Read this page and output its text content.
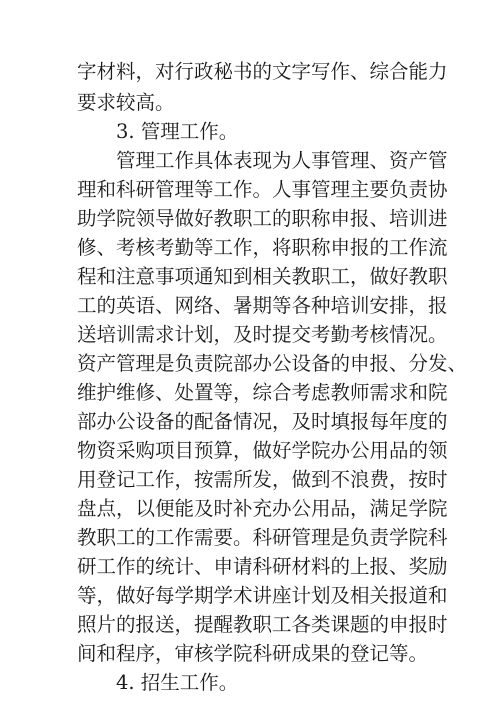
字材料，对行政秘书的文字写作、综合能力
要求较高。
3. 管理工作。
管理工作具体表现为人事管理、资产管
理和科研管理等工作。人事管理主要负责协
助学院领导做好教职工的职称申报、培训进
修、考核考勤等工作，将职称申报的工作流
程和注意事项通知到相关教职工，做好教职
工的英语、网络、暑期等各种培训安排，报
送培训需求计划，及时提交考勤考核情况。
资产管理是负责院部办公设备的申报、分发、
维护维修、处置等，综合考虑教师需求和院
部办公设备的配备情况，及时填报每年度的
物资采购项目预算，做好学院办公用品的领
用登记工作，按需所发，做到不浪费，按时
盘点，以便能及时补充办公用品，满足学院
教职工的工作需要。科研管理是负责学院科
研工作的统计、申请科研材料的上报、奖励
等，做好每学期学术讲座计划及相关报道和
照片的报送，提醒教职工各类课题的申报时
间和程序，审核学院科研成果的登记等。
4. 招生工作。
